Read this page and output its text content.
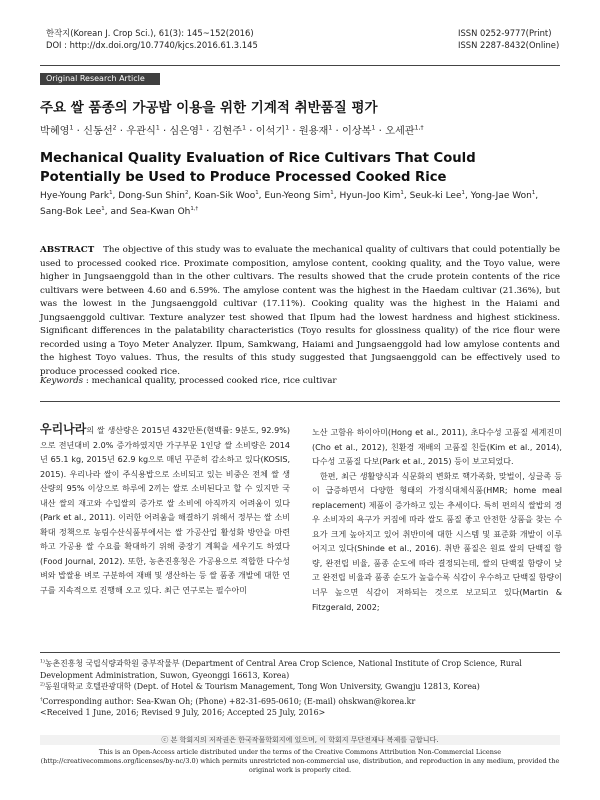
한작지(Korean J. Crop Sci.), 61(3): 145~152(2016)
DOI : http://dx.doi.org/10.7740/kjcs.2016.61.3.145
ISSN 0252-9777(Print)
ISSN 2287-8432(Online)
Original Research Article
주요 쌀 품종의 가공밥 이용을 위한 기계적 취반품질 평가
박혜영$^1$ · 신동선$^2$ · 우관식$^1$ · 심은영$^1$ · 김현주$^1$ · 이석기$^1$ · 원용재$^1$ · 이상복$^1$ · 오세관$^{1,\dagger}$
Mechanical Quality Evaluation of Rice Cultivars That Could Potentially be Used to Produce Processed Cooked Rice
Hye-Young Park$^1$, Dong-Sun Shin$^2$, Koan-Sik Woo$^1$, Eun-Yeong Sim$^1$, Hyun-Joo Kim$^1$, Seuk-ki Lee$^1$, Yong-Jae Won$^1$, Sang-Bok Lee$^1$, and Sea-Kwan $Oh^{1,\dagger}$
ABSTRACT The objective of this study was to evaluate the mechanical quality of cultivars that could potentially be used to processed cooked rice. Proximate composition, amylose content, cooking quality, and the Toyo value, were higher in Jungsaenggold than in the other cultivars. The results showed that the crude protein contents of the rice cultivars were between 4.60 and 6.59%. The amylose content was the highest in the Haedam cultivar (21.36%), but was the lowest in the Jungsaenggold cultivar (17.11%). Cooking quality was the highest in the Haiami and Jungsaenggold cultivar. Texture analyzer test showed that Ilpum had the lowest hardness and highest stickiness. Significant differences in the palatability characteristics (Toyo results for glossiness quality) of the rice flour were recorded using a Toyo Meter Analyzer. Ilpum, Samkwang, Haiami and Jungsaenggold had low amylose contents and the highest Toyo values. Thus, the results of this study suggested that Jungsaenggold can be effectively used to produce processed cooked rice.
Keywords : mechanical quality, processed cooked rice, rice cultivar

우리나라의 쌀 생산량은 2015년 432만톤(현백률: 9분도, 92.9%)으로 전년대비 2.0% 증가하였지만 가구부문 1인당 쌀 소비량은 2014년 65.1 kg, 2015년 62.9 kg으로 매년 꾸준히 감소하고 있다(KOSIS, 2015). 우리나라 쌀이 주식용밥으로 소비되고 있는 비중은 전체 쌀 생산량의 95% 이상으로 하루에 2끼는 쌀로 소비된다고 할 수 있지만 국내산 쌀의 재고와 수입쌀의 증가로 쌀 소비에 아직까지 어려움이 있다(Park et al., 2011). 이러한 어려움을 해결하기 위해서 정부는 쌀 소비 확대 정책으로 농림수산식품부에서는 쌀 가공산업 활성화 방안을 마련하고 가공용 쌀 수요를 확대하기 위해 중장기 계획을 세우기도 하였다(Food Journal, 2012). 또한, 농촌진흥청은 가공용으로 적합한 다수성 벼와 밥쌀용 벼로 구분하여 재배 및 생산하는 등 쌀 품종 개발에 대한 연구를 지속적으로 진행해 오고 있다. 최근 연구로는 필수아미

노산 고함유 하이아미(Hong et al., 2011), 초다수성 고품질 세계진미(Cho et al., 2012), 친환경 재배의 고품질 친들(Kim et al., 2014), 다수성 고품질 다보(Park et al., 2015) 등이 보고되었다.

한편, 최근 생활양식과 식문화의 변화로 핵가족화, 맞벌이, 싱글족 등이 급증하면서 다양한 형태의 가정식대체식품(HMR; home meal replacement) 제품이 증가하고 있는 추세이다. 특히 편의식 쌀밥의 경우 소비자의 욕구가 커짐에 따라 쌀도 품질 좋고 안전한 상품을 찾는 수요가 크게 높아지고 있어 취반미에 대한 시스템 및 표준화 개발이 이루어지고 있다(Shinde et al., 2016). 취반 품질은 원료 쌀의 단백질 함량, 완전립 비율, 품종 순도에 따라 결정되는데, 쌀의 단백질 함량이 낮고 완전립 비율과 품종 순도가 높을수록 식감이 우수하고 단백질 함량이 너무 높으면 식감이 저하되는 것으로 보고되고 있다(Martin & Fitzgerald, 2002;

$^{1)}$농촌진흥청 국립식량과학원 중부작물부 (Department of Central Area Crop Science, National Institute of Crop Science, Rural Development Administration, Suwon, Gyeonggi 16613, Korea)

$^{2)}$동원대학교 호텔관광대학 (Dept. of Hotel & Tourism Management, Tong Won University, Gwangju 12813, Korea)

†Corresponding author: Sea-Kwan Oh; (Phone) +82-31-695-0610; (E-mail) ohskwan@korea.kr

<Received 1 June, 2016; Revised 9 July, 2016; Accepted 25 July, 2016>

ⓒ 본 학회지의 저작권은 한국작물학회지에 있으며, 이 학회지 무단전재나 복제를 금합니다.
This is an Open-Access article distributed under the terms of the Creative Commons Attribution Non-Commercial License (http://creativecommons.org/licenses/by-nc/3.0) which permits unrestricted non-commercial use, distribution, and reproduction in any medium, provided the original work is properly cited.
